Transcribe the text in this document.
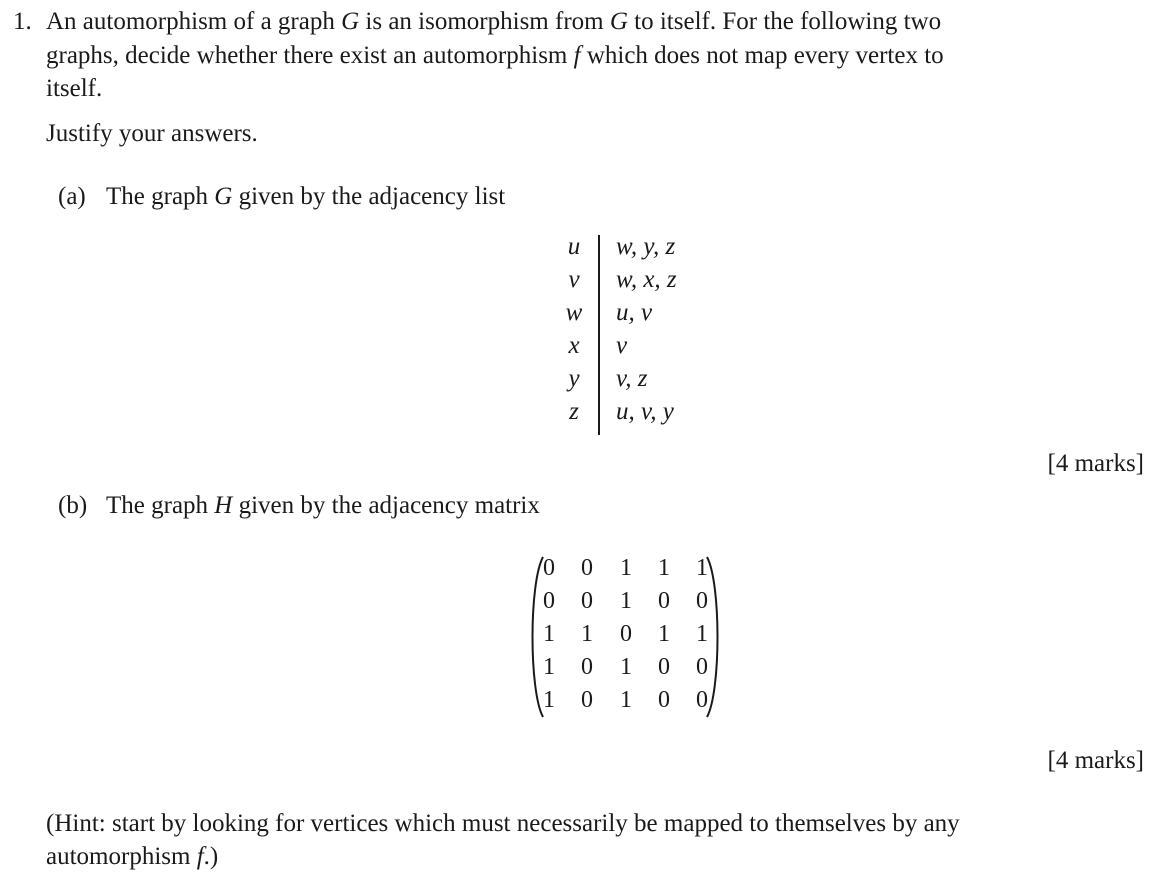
1. An automorphism of a graph G is an isomorphism from G to itself. For the following two
graphs, decide whether there exist an automorphism f which does not map every vertex to
itself.
Justify your answers.
(a) The graph G given by the adjacency list
u	w, y, z
v	w, x, z
w	u, v
x	v
y	v, z
z	u, v, y
[4 marks]
(b) The graph H given by the adjacency matrix
0 0 1 1 1
0 0 1 0 0
1 1 0 1 1
1 0 1 0 0
1 0 1 0 0
[4 marks]
(Hint: start by looking for vertices which must necessarily be mapped to themselves by any
automorphism f.)
